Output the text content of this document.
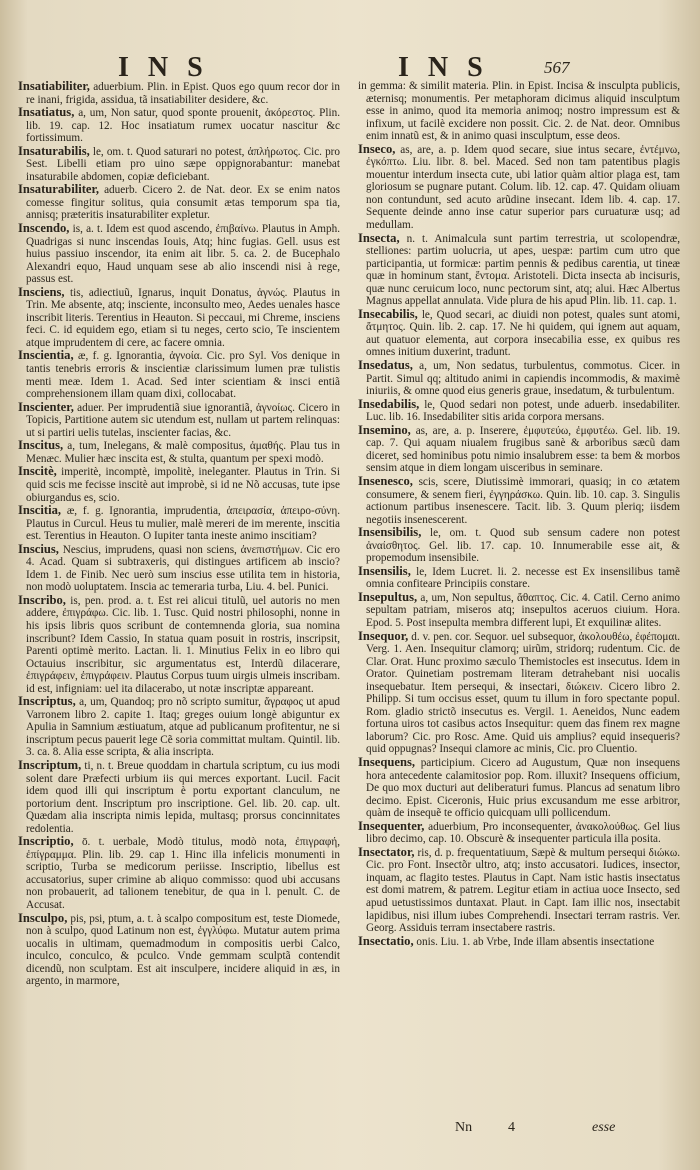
I N S	I N S	567

Insatiabiliter, aduerbium. Plin. in Epist. Quos ego quum recor dor in re inani, frigida, assidua, tã insatiabiliter desidere, &c.

Insatiatus, a, um, Non satur, quod sponte prouenit, ἀκόρεστος. Plin. lib. 19. cap. 12. Hoc insatiatum rumex uocatur nascitur &c fortissimum.

Insaturabilis, le, om. t. Quod saturari no potest, ἀπλήρωτος. Cic. pro Sest. Libelli etiam pro uino sæpe oppignorabantur: manebat insaturabile abdomen, copiæ deficiebant.

Insaturabiliter, aduerb. Cicero 2. de Nat. deor. Ex se enim natos comesse fingitur solitus, quia consumit ætas temporum spa tia, annisq; præteritis insaturabiliter expletur.

Inscendo, is, a. t. Idem est quod ascendo, ἐπιβαίνω. Plautus in Amph. Quadrigas si nunc inscendas Iouis, Atq; hinc fugias. Gell. usus est huius passiuo inscendor, ita enim ait libr. 5. ca. 2. de Bucephalo Alexandri equo, Haud unquam sese ab alio inscendi nisi à rege, passus est.

Insciens, tis, adiectiuũ, Ignarus, inquit Donatus, ἀγνώς. Plautus in Trin. Me absente, atq; insciente, inconsulto meo, Aedes uenales hasce inscribit literis. Terentius in Heauton. Si peccaui, mi Chreme, insciens feci. C. id equidem ego, etiam si tu neges, certo scio, Te inscientem atque imprudentem di cere, ac facere omnia.

Inscientia, æ, f. g. Ignorantia, ἀγνοία. Cic. pro Syl. Vos denique in tantis tenebris erroris & inscientiæ clarissimum lumen præ tulistis menti meæ. Idem 1. Acad. Sed inter scientiam & insci entiã comprehensionem illam quam dixi, collocabat.

Inscienter, aduer. Per imprudentiã siue ignorantiã, ἀγνοίως. Cicero in Topicis, Partitione autem sic utendum est, nullam ut partem relinquas: ut si partiri uelis tutelas, inscienter facias, &c.

Inscitus, a, tum, Inelegans, & malè compositus, ἀμαθής. Plau tus in Menæc. Mulier hæc inscita est, & stulta, quantum per spexi modò.

Inscitè, imperitè, incomptè, impolitè, ineleganter. Plautus in Trin. Si quid scis me fecisse inscitè aut improbè, si id ne Nõ accusas, tute ipse obiurgandus es, scio.

Inscitia, æ, f. g. Ignorantia, imprudentia, ἀπειρασία, ἀπειρο-σύνη. Plautus in Curcul. Heus tu mulier, malè mereri de im merente, inscitia est. Terentius in Heauton. O Iupiter tanta ineste animo inscitiam?

Inscius, Nescius, imprudens, quasi non sciens, ἀνεπιστήμων. Cic ero 4. Acad. Quam si subtraxeris, qui distingues artificem ab inscio? Idem 1. de Finib. Nec uerò sum inscius esse utilita tem in historia, non modò uoluptatem. Inscia ac temeraria turba, Liu. 4. bel. Punici.

Inscribo, is, pen. prod. a. t. Est rei alicui titulũ, uel autoris no men addere, ἐπιγράφω. Cic. lib. 1. Tusc. Quid nostri philosophi, nonne in his ipsis libris quos scribunt de contemnenda gloria, sua nomina inscribunt? Idem Cassio, In statua quam posuit in rostris, inscripsit, Parenti optimè merito. Lactan. li. 1. Minutius Felix in eo libro qui Octauius inscribitur, sic argumentatus est, Interdũ dilacerare, ἐπιγράφειν, ἐπιγράφειν. Plautus Corpus tuum uirgis ulmeis inscribam. id est, infigniam: uel ita dilacerabo, ut notæ inscriptæ appareant.

Inscriptus, a, um, Quandoq; pro nõ scripto sumitur, ἄγραφος ut apud Varronem libro 2. capite 1. Itaq; greges ouium longè abiguntur ex Apulia in Samnium æstiuatum, atque ad publicanum profitentur, ne si inscriptum pecus pauerit lege Cẽ soria committat multam. Quintil. lib. 3. ca. 8. Alia esse scripta, & alia inscripta.

Inscriptum, ti, n. t. Breue quoddam in chartula scriptum, cu ius modi solent dare Præfecti urbium iis qui merces exportant. Lucil. Facit idem quod illi qui inscriptum è portu exportant clanculum, ne portorium dent. Inscriptum pro inscriptione. Gel. lib. 20. cap. ult. Quædam alia inscripta nimis lepida, multasq; prorsus concinnitates redolentia.

Inscriptio, ō. t. uerbale, Modò titulus, modò nota, ἐπιγραφή, ἐπίγραμμα. Plin. lib. 29. cap 1. Hinc illa infelicis monumenti in scriptio, Turba se medicorum periisse. Inscriptio, libellus est accusatorius, super crimine ab aliquo commisso: quod ubi accusans non probauerit, ad talionem tenebitur, de qua in l. penult. C. de Accusat.

Insculpo, pis, psi, ptum, a. t. à scalpo compositum est, teste Diomede, non à sculpo, quod Latinum non est, ἐγγλύφω. Mutatur autem prima uocalis in ultimam, quemadmodum in compositis uerbi Calco, inculco, conculco, & pculco. Vnde gemmam sculptã contendit dicendũ, non sculptam. Est ait insculpere, incidere aliquid in æs, in argento, in marmore,

in gemma: & similit materia. Plin. in Epist. Incisa & insculpta publicis, æternisq; monumentis. Per metaphoram dicimus aliquid insculptum esse in animo, quod ita memoria animoq; nostro impressum est & infixum, ut facilè excidere non possit. Cic. 2. de Nat. deor. Omnibus enim innatũ est, & in animo quasi insculptum, esse deos.

Inseco, as, are, a. p. Idem quod secare, siue intus secare, ἐντέμνω, ἐγκόπτω. Liu. libr. 8. bel. Maced. Sed non tam patentibus plagis mouentur interdum insecta cute, ubi latior quàm altior plaga est, tam gloriosum se pugnare putant. Colum. lib. 12. cap. 47. Quidam oliuam non contundunt, sed acuto arũdine insecant. Idem lib. 4. cap. 17. Sequente deinde anno inse catur superior pars curuaturæ usq; ad medullam.

Insecta, n. t. Animalcula sunt partim terrestria, ut scolopendræ, stelliones: partim uolucria, ut apes, uespæ: partim cum utro que participantia, ut formicæ: partim pennis & pedibus carentia, ut tineæ quæ in hominum stant, ἔντομα. Aristoteli. Dicta insecta ab incisuris, quæ nunc ceruicum loco, nunc pectorum sint, atq; alui. Hæc Albertus Magnus appellat annulata. Vide plura de his apud Plin. lib. 11. cap. 1.

Insecabilis, le, Quod secari, ac diuidi non potest, quales sunt atomi, ἄτμητος. Quin. lib. 2. cap. 17. Ne hi quidem, qui ignem aut aquam, aut quatuor elementa, aut corpora insecabilia esse, ex quibus res omnes initium duxerint, tradunt.

Insedatus, a, um, Non sedatus, turbulentus, commotus. Cicer. in Partit. Simul qq; altitudo animi in capiendis incommodis, & maximè iniuriis, & omne quod eius generis graue, insedatum, & turbulentum.

Insedabilis, le, Quod sedari non potest, unde aduerb. insedabiliter. Luc. lib. 16. Insedabiliter sitis arida corpora mersans.

Insemino, as, are, a. p. Inserere, ἐμφυτεύω, ἐμφυτέω. Gel. lib. 19. cap. 7. Qui aquam niualem frugibus sanè & arboribus sæcũ dam diceret, sed hominibus potu nimio insalubrem esse: ta bem & morbos sensim atque in diem longam uisceribus in seminare.

Insenesco, scis, scere, Diutissimè immorari, quasiq; in co ætatem consumere, & senem fieri, ἐγγηράσκω. Quin. lib. 10. cap. 3. Singulis actionum partibus insenescere. Tacit. lib. 3. Quum pleriq; iisdem negotiis insenescerent.

Insensibilis, le, om. t. Quod sub sensum cadere non potest ἀναίσθητος. Gel. lib. 17. cap. 10. Innumerabile esse ait, & propemodum insensibile.

Insensilis, le, Idem Lucret. li. 2. necesse est Ex insensilibus tamẽ omnia confiteare Principiis constare.

Insepultus, a, um, Non sepultus, ἄθαπτος. Cic. 4. Catil. Cerno animo sepultam patriam, miseros atq; insepultos aceruos ciuium. Hora. Epod. 5. Post insepulta membra different lupi, Et exquilinæ alites.

Insequor, d. v. pen. cor. Sequor. uel subsequor, ἀκολουθέω, ἐφέπομαι. Verg. 1. Aen. Insequitur clamorq; uirũm, stridorq; rudentum. Cic. de Clar. Orat. Hunc proximo sæculo Themistocles est insecutus. Idem in Orator. Quinetiam postremam literam detrahebant nisi uocalis insequebatur. Item persequi, & insectari, διώκειν. Cicero libro 2. Philipp. Si tum occisus esset, quum tu illum in foro spectante popul. Rom. gladio strictõ insecutus es. Vergil. 1. Aeneidos, Nunc eadem fortuna uiros tot casibus actos Insequitur: quem das finem rex magne laborum? Cic. pro Rosc. Ame. Quid uis amplius? equid insequeris? quid oppugnas? Insequi clamore ac minis, Cic. pro Cluentio.

Insequens, participium. Cicero ad Augustum, Quæ non insequens hora antecedente calamitosior pop. Rom. illuxit? Insequens officium, De quo mox ducturi aut deliberaturi fumus. Plancus ad senatum libro decimo. Epist. Ciceronis, Huic prius excusandum me esse arbitror, quàm de insequẽ te officio quicquam ulli pollicendum.

Insequenter, aduerbium, Pro inconsequenter, ἀνακολούθως. Gel lius libro decimo, cap. 10. Obscurè & insequenter particula illa posita.

Insectator, ris, d. p. frequentatiuum, Sæpè & multum persequi διώκω. Cic. pro Font. Insectõr ultro, atq; insto accusatori. Iudices, insector, inquam, ac flagito testes. Plautus in Capt. Nam istic hastis insectatus est domi matrem, & patrem. Legitur etiam in actiua uoce Insecto, sed apud uetustissimos duntaxat. Plaut. in Capt. Iam illic nos, insectabit lapidibus, nisi illum iubes Comprehendi. Insectari terram rastris. Ver. Georg. Assiduis terram insectabere rastris.

Insectatio, onis. Liu. 1. ab Vrbe, Inde illam absentis insectatione

Nn	4	esse
